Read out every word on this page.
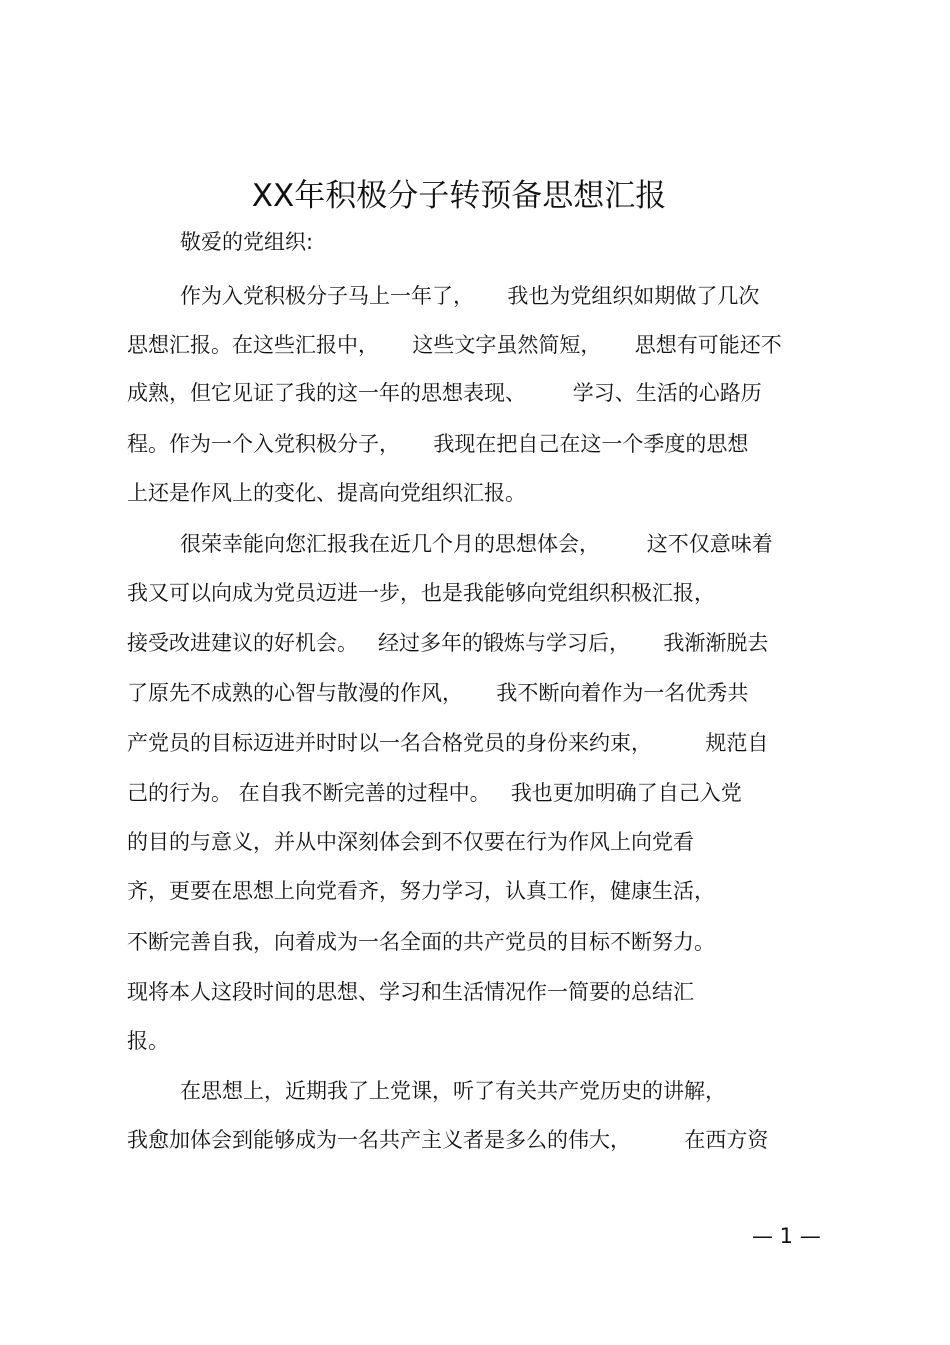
XX年积极分子转预备思想汇报
敬爱的党组织:
作为入党积极分子马上一年了，     我也为党组织如期做了几次
思想汇报。在这些汇报中，     这些文字虽然简短，     思想有可能还不
成熟，但它见证了我的这一年的思想表现、       学习、生活的心路历
程。作为一个入党积极分子，     我现在把自己在这一个季度的思想
上还是作风上的变化、提高向党组织汇报。
很荣幸能向您汇报我在近几个月的思想体会，       这不仅意味着
我又可以向成为党员迈进一步，也是我能够向党组织积极汇报，
接受改进建议的好机会。   经过多年的锻炼与学习后，     我渐渐脱去
了原先不成熟的心智与散漫的作风，     我不断向着作为一名优秀共
产党员的目标迈进并时时以一名合格党员的身份来约束，        规范自
己的行为。 在自我不断完善的过程中。   我也更加明确了自己入党
的目的与意义，并从中深刻体会到不仅要在行为作风上向党看
齐，更要在思想上向党看齐，努力学习，认真工作，健康生活，
不断完善自我，向着成为一名全面的共产党员的目标不断努力。
现将本人这段时间的思想、学习和生活情况作一简要的总结汇
报。
在思想上，近期我了上党课，听了有关共产党历史的讲解，
我愈加体会到能够成为一名共产主义者是多么的伟大，        在西方资
— 1 —
